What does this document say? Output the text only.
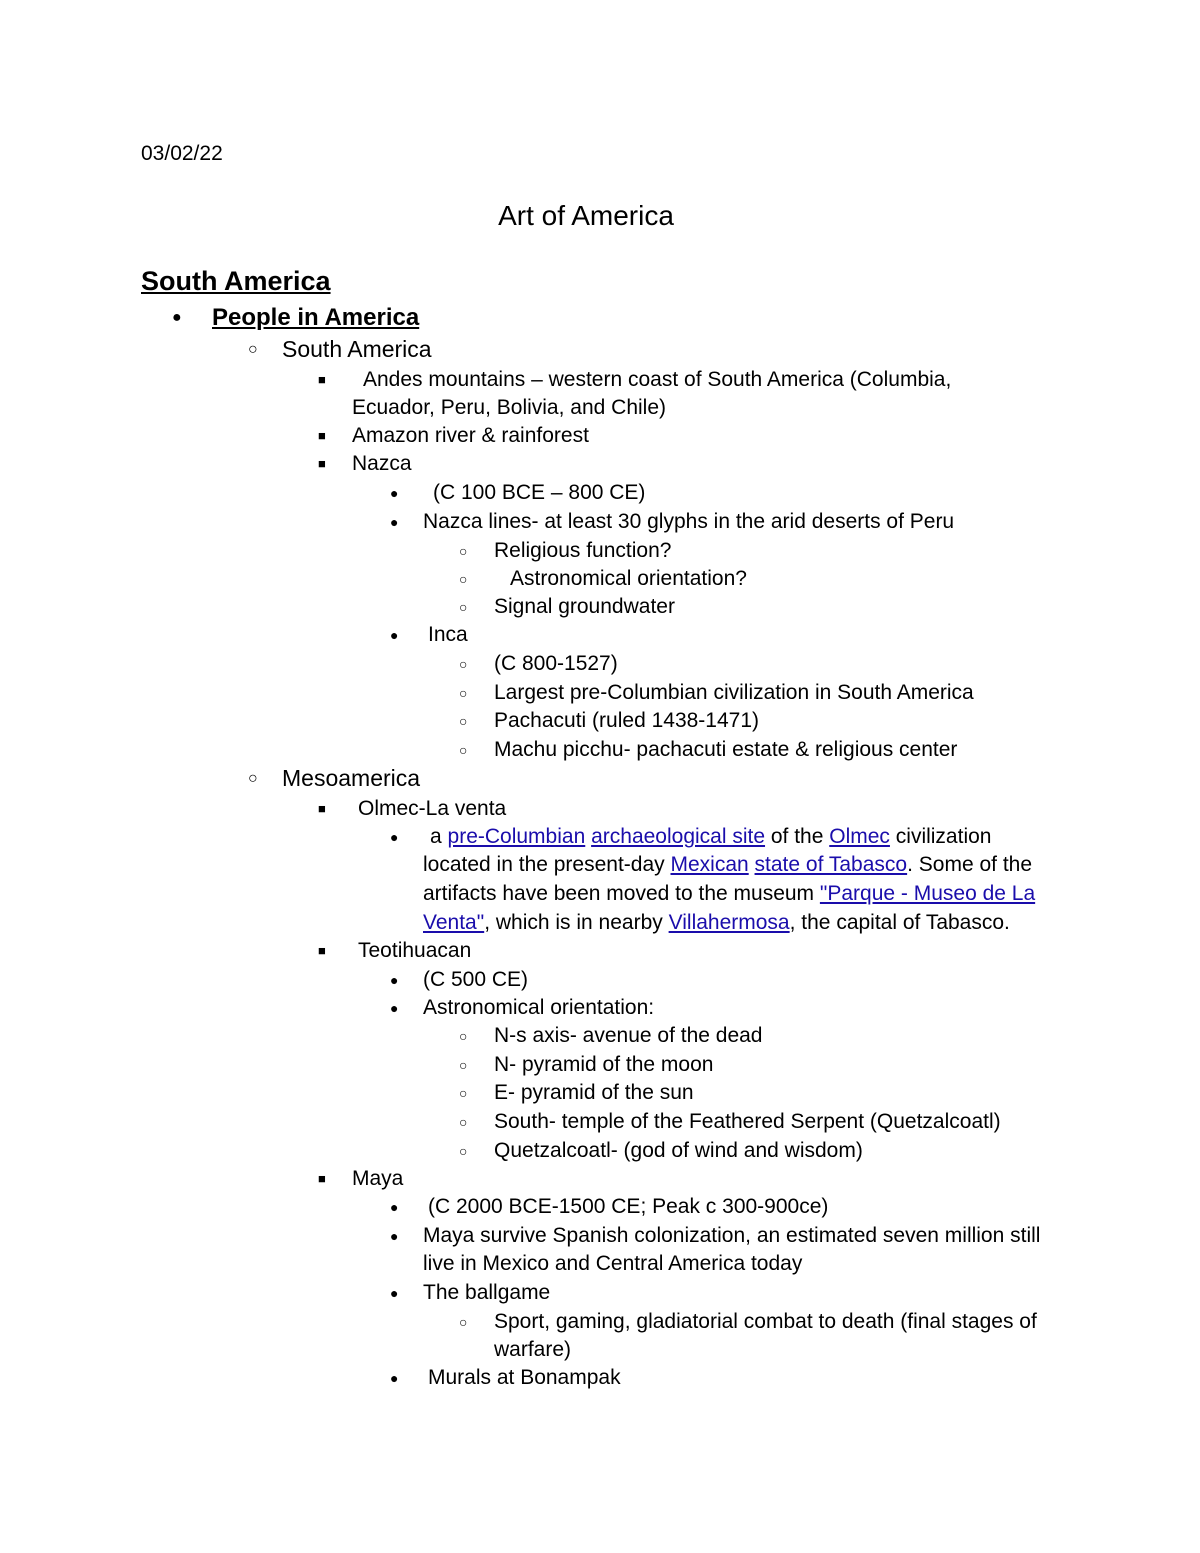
03/02/22
Art of America
South America
● People in America
○ South America
■ Andes mountains – western coast of South America (Columbia,
Ecuador, Peru, Bolivia, and Chile)
■ Amazon river & rainforest
■ Nazca
● (C 100 BCE – 800 CE)
● Nazca lines- at least 30 glyphs in the arid deserts of Peru
○ Religious function?
○ Astronomical orientation?
○ Signal groundwater
● Inca
○ (C 800-1527)
○ Largest pre-Columbian civilization in South America
○ Pachacuti (ruled 1438-1471)
○ Machu picchu- pachacuti estate & religious center
○ Mesoamerica
■ Olmec-La venta
● a pre-Columbian archaeological site of the Olmec civilization
located in the present-day Mexican state of Tabasco. Some of the
artifacts have been moved to the museum "Parque - Museo de La
Venta", which is in nearby Villahermosa, the capital of Tabasco.
■ Teotihuacan
● (C 500 CE)
● Astronomical orientation:
○ N-s axis- avenue of the dead
○ N- pyramid of the moon
○ E- pyramid of the sun
○ South- temple of the Feathered Serpent (Quetzalcoatl)
○ Quetzalcoatl- (god of wind and wisdom)
■ Maya
● (C 2000 BCE-1500 CE; Peak c 300-900ce)
● Maya survive Spanish colonization, an estimated seven million still
live in Mexico and Central America today
● The ballgame
○ Sport, gaming, gladiatorial combat to death (final stages of
warfare)
● Murals at Bonampak
